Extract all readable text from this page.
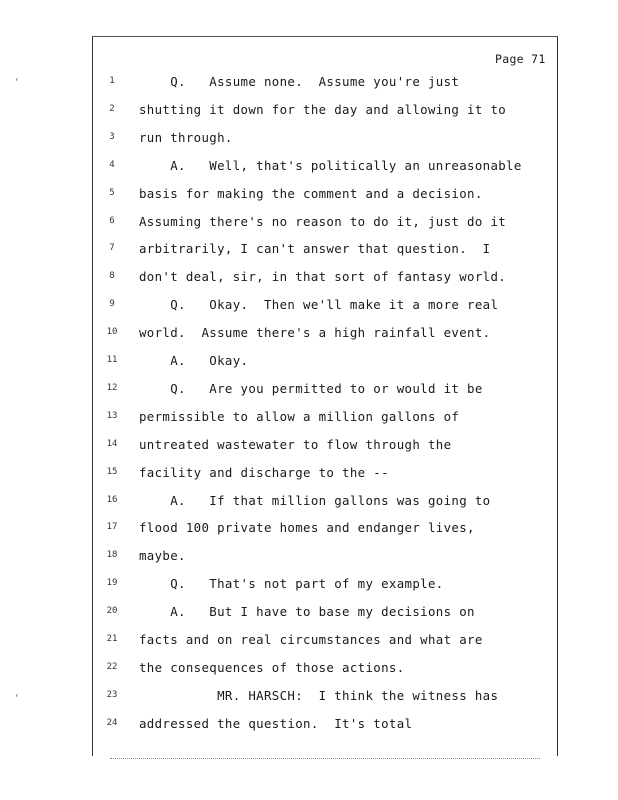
Page 71
‘
‘
1	Q.   Assume none.  Assume you're just
2	shutting it down for the day and allowing it to
3	run through.
4	A.   Well, that's politically an unreasonable
5	basis for making the comment and a decision.
6	Assuming there's no reason to do it, just do it
7	arbitrarily, I can't answer that question.  I
8	don't deal, sir, in that sort of fantasy world.
9	Q.   Okay.  Then we'll make it a more real
10	world.  Assume there's a high rainfall event.
11	A.   Okay.
12	Q.   Are you permitted to or would it be
13	permissible to allow a million gallons of
14	untreated wastewater to flow through the
15	facility and discharge to the --
16	A.   If that million gallons was going to
17	flood 100 private homes and endanger lives,
18	maybe.
19	Q.   That's not part of my example.
20	A.   But I have to base my decisions on
21	facts and on real circumstances and what are
22	the consequences of those actions.
23	MR. HARSCH:  I think the witness has
24	addressed the question.  It's total
